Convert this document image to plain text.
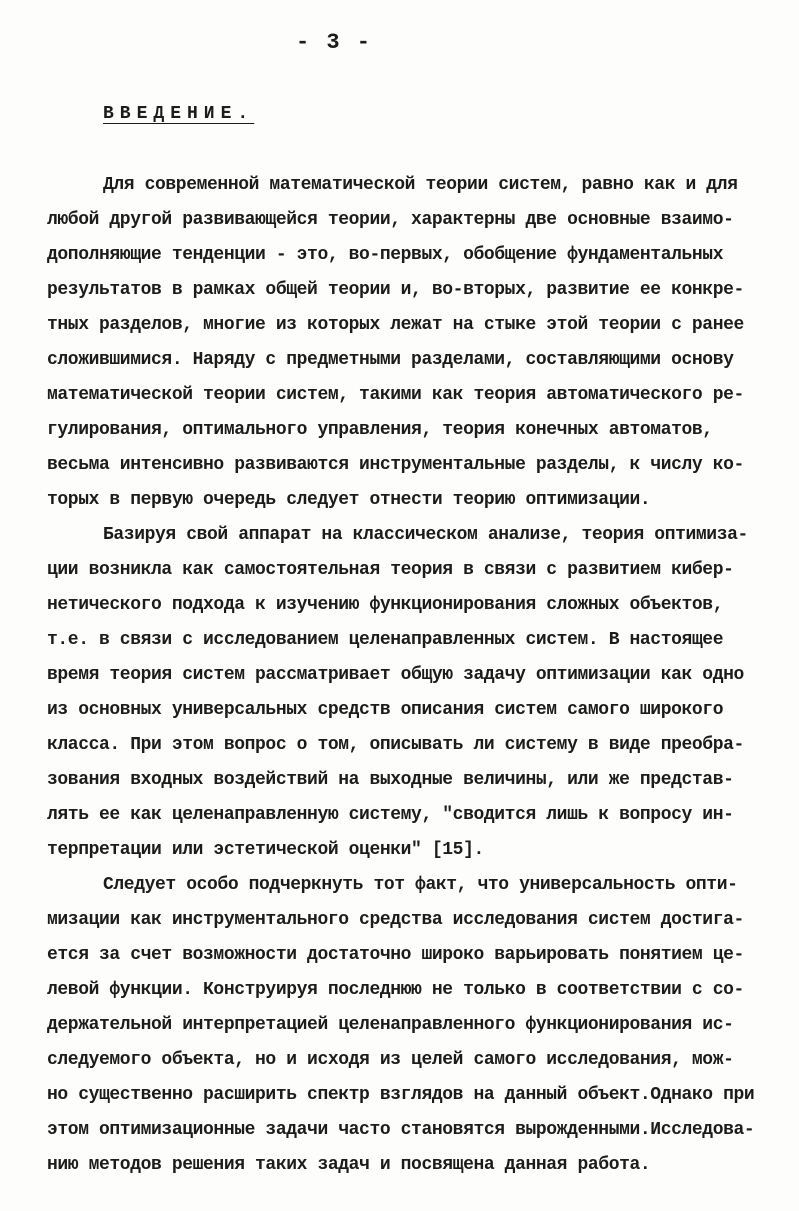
- 3 -
ВВЕДЕНИЕ.
Для современной математической теории систем, равно как и для
любой другой развивающейся теории, характерны две основные взаимо-
дополняющие тенденции - это, во-первых, обобщение фундаментальных
результатов в рамках общей теории и, во-вторых, развитие ее конкре-
тных разделов, многие из которых лежат на стыке этой теории с ранее
сложившимися. Наряду с предметными разделами, составляющими основу
математической теории систем, такими как теория автоматического ре-
гулирования, оптимального управления, теория конечных автоматов,
весьма интенсивно развиваются инструментальные разделы, к числу ко-
торых в первую очередь следует отнести теорию оптимизации.
Базируя свой аппарат на классическом анализе, теория оптимиза-
ции возникла как самостоятельная теория в связи с развитием кибер-
нетического подхода к изучению функционирования сложных объектов,
т.е. в связи с исследованием целенаправленных систем. В настоящее
время теория систем рассматривает общую задачу оптимизации как одно
из основных универсальных средств описания систем самого широкого
класса. При этом вопрос о том, описывать ли систему в виде преобра-
зования входных воздействий на выходные величины, или же представ-
лять ее как целенаправленную систему, "сводится лишь к вопросу ин-
терпретации или эстетической оценки" [15].
Следует особо подчеркнуть тот факт, что универсальность опти-
мизации как инструментального средства исследования систем достига-
ется за счет возможности достаточно широко варьировать понятием це-
левой функции. Конструируя последнюю не только в соответствии с со-
держательной интерпретацией целенаправленного функционирования ис-
следуемого объекта, но и исходя из целей самого исследования, мож-
но существенно расширить спектр взглядов на данный объект.Однако при
этом оптимизационные задачи часто становятся вырожденными.Исследова-
нию методов решения таких задач и посвящена данная работа.
